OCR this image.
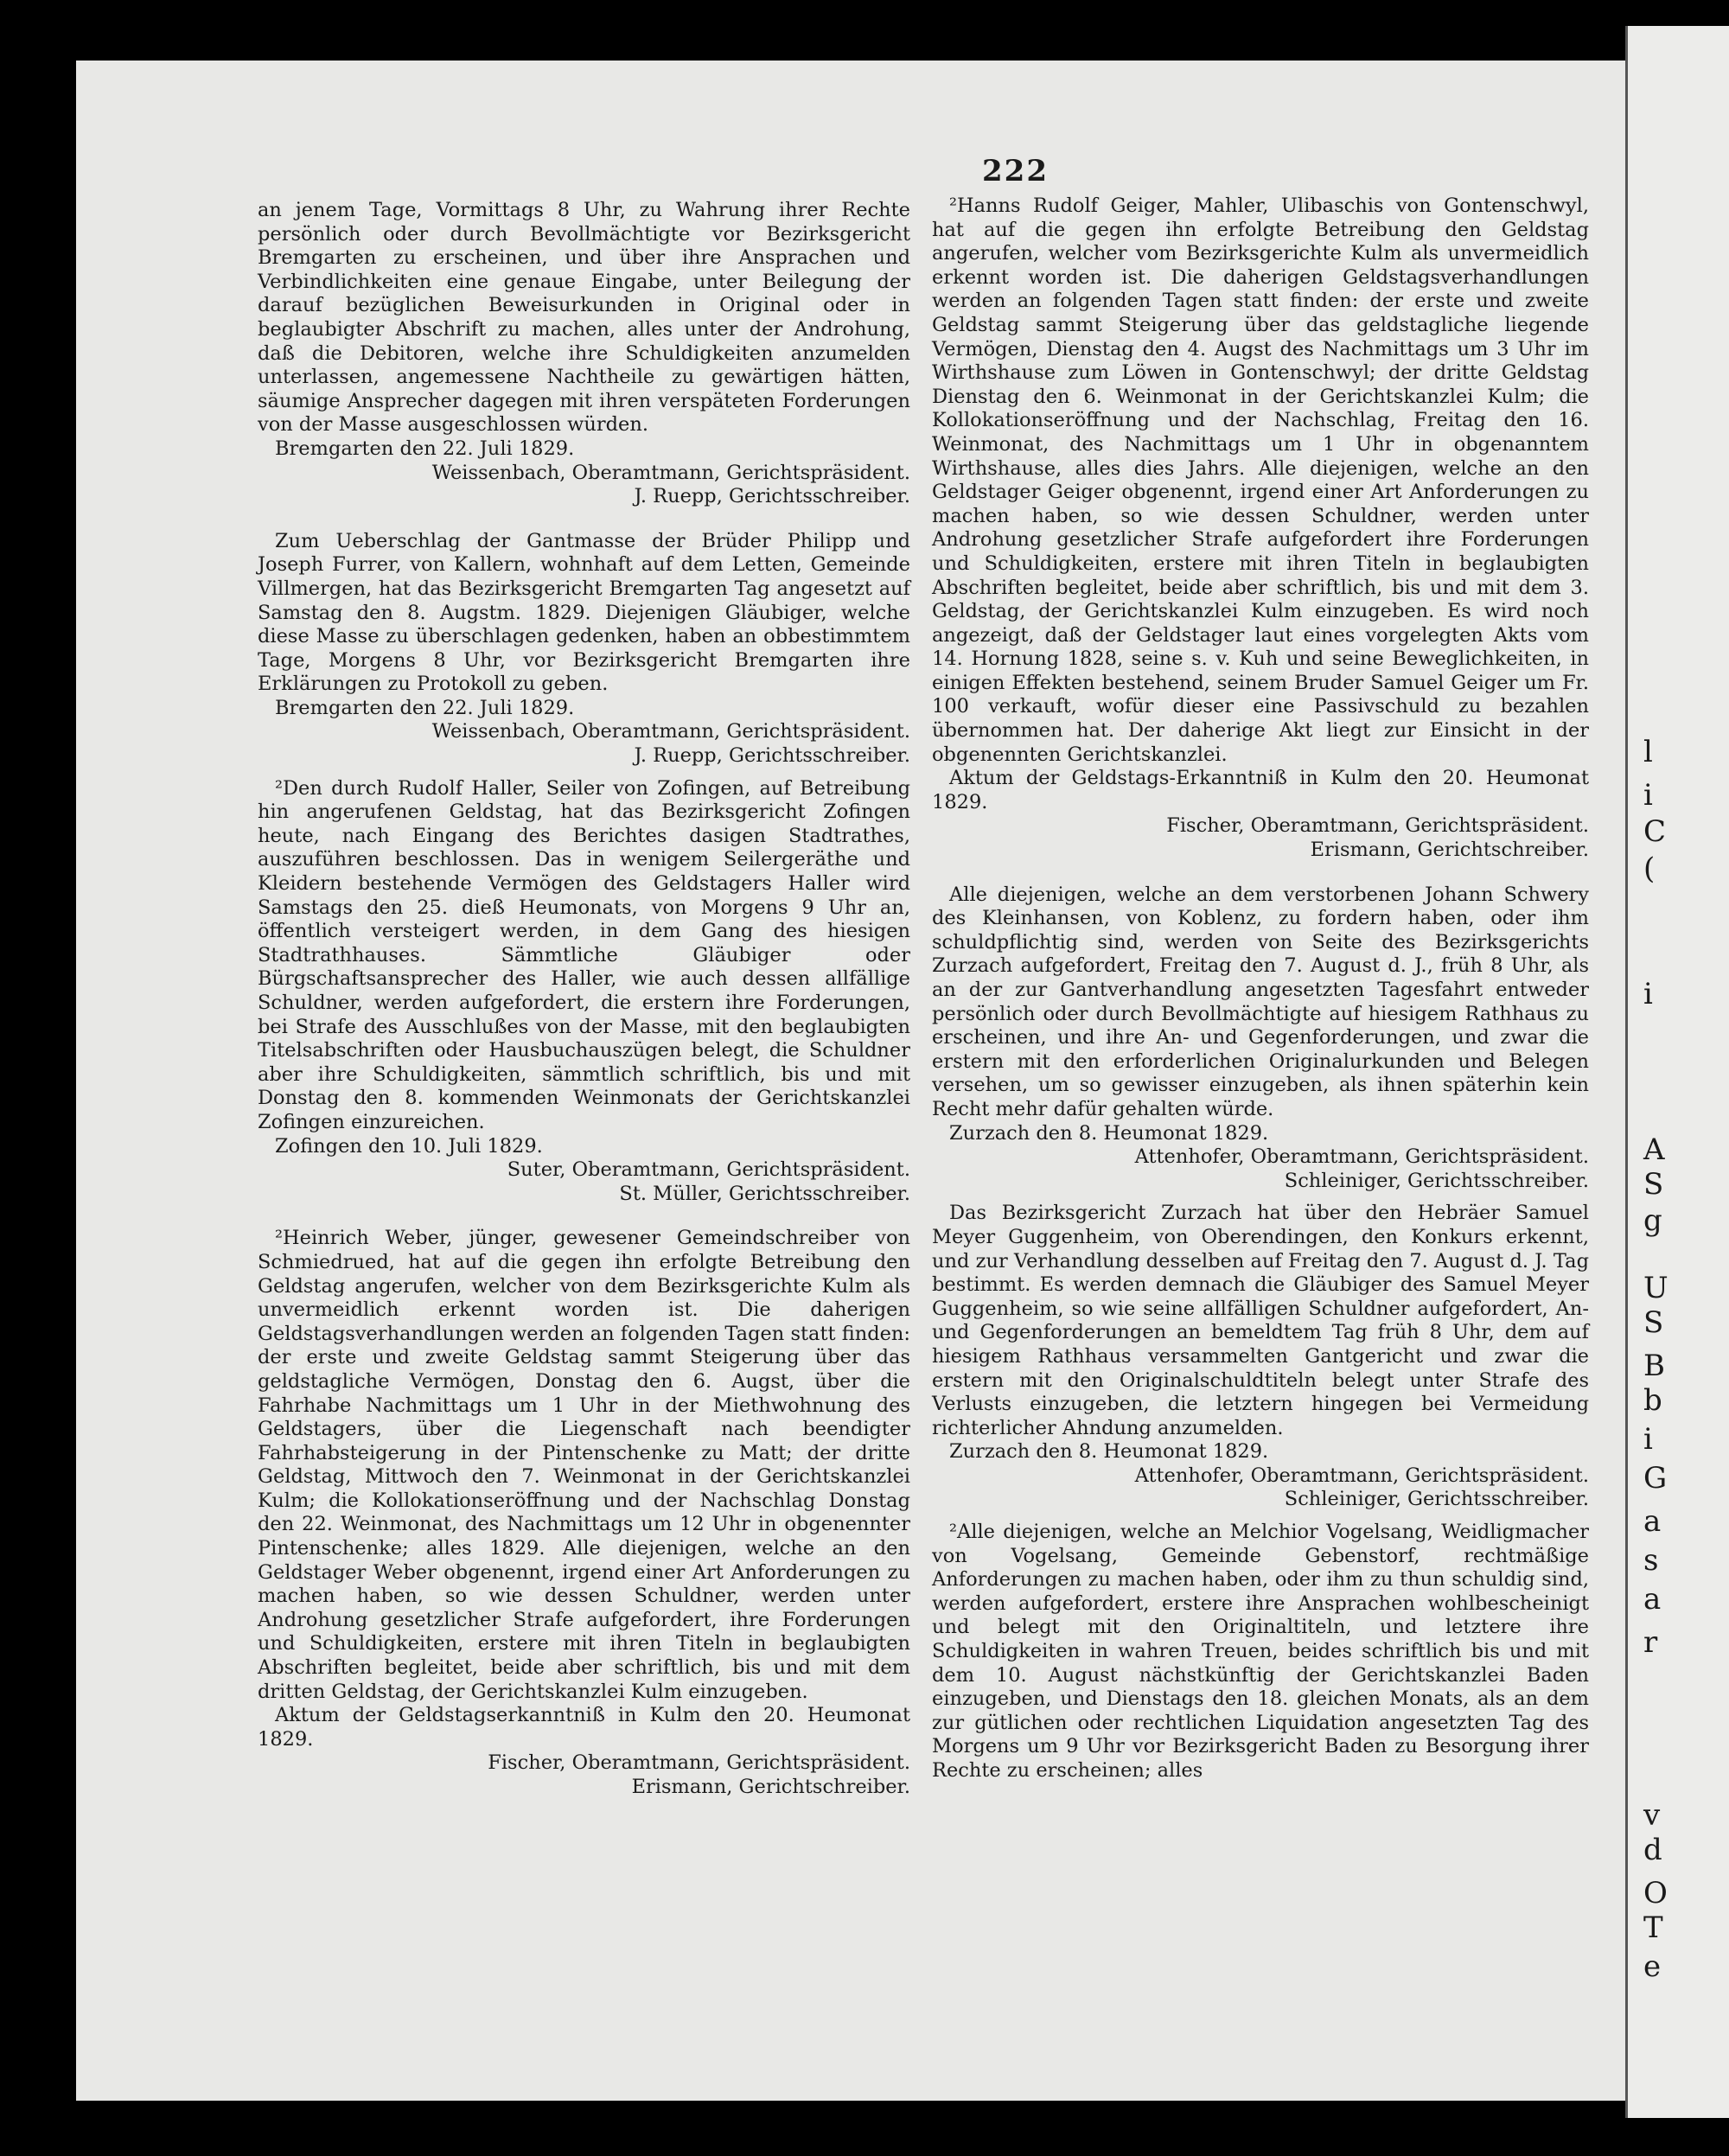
222

an jenem Tage, Vormittags 8 Uhr, zu Wahrung ihrer Rechte persönlich oder durch Bevollmächtigte vor Bezirksgericht Bremgarten zu erscheinen, und über ihre Ansprachen und Verbindlichkeiten eine genaue Eingabe, unter Beilegung der darauf bezüglichen Beweisurkunden in Original oder in beglaubigter Abschrift zu machen, alles unter der Androhung, daß die Debitoren, welche ihre Schuldigkeiten anzumelden unterlassen, angemessene Nachtheile zu gewärtigen hätten, säumige Ansprecher dagegen mit ihren verspäteten Forderungen von der Masse ausgeschlossen würden.

Bremgarten den 22. Juli 1829.

Weissenbach, Oberamtmann, Gerichtspräsident.

J. Ruepp, Gerichtsschreiber.

Zum Ueberschlag der Gantmasse der Brüder Philipp und Joseph Furrer, von Kallern, wohnhaft auf dem Letten, Gemeinde Villmergen, hat das Bezirksgericht Bremgarten Tag angesetzt auf Samstag den 8. Augstm. 1829. Diejenigen Gläubiger, welche diese Masse zu überschlagen gedenken, haben an obbestimmtem Tage, Morgens 8 Uhr, vor Bezirksgericht Bremgarten ihre Erklärungen zu Protokoll zu geben.

Bremgarten den 22. Juli 1829.

Weissenbach, Oberamtmann, Gerichtspräsident.

J. Ruepp, Gerichtsschreiber.

²Den durch Rudolf Haller, Seiler von Zofingen, auf Betreibung hin angerufenen Geldstag, hat das Bezirksgericht Zofingen heute, nach Eingang des Berichtes dasigen Stadtrathes, auszuführen beschlossen. Das in wenigem Seilergeräthe und Kleidern bestehende Vermögen des Geldstagers Haller wird Samstags den 25. dieß Heumonats, von Morgens 9 Uhr an, öffentlich versteigert werden, in dem Gang des hiesigen Stadtrathhauses. Sämmtliche Gläubiger oder Bürgschaftsansprecher des Haller, wie auch dessen allfällige Schuldner, werden aufgefordert, die erstern ihre Forderungen, bei Strafe des Ausschlußes von der Masse, mit den beglaubigten Titelsabschriften oder Hausbuchauszügen belegt, die Schuldner aber ihre Schuldigkeiten, sämmtlich schriftlich, bis und mit Donstag den 8. kommenden Weinmonats der Gerichtskanzlei Zofingen einzureichen.

Zofingen den 10. Juli 1829.

Suter, Oberamtmann, Gerichtspräsident.

St. Müller, Gerichtsschreiber.

²Heinrich Weber, jünger, gewesener Gemeindschreiber von Schmiedrued, hat auf die gegen ihn erfolgte Betreibung den Geldstag angerufen, welcher von dem Bezirksgerichte Kulm als unvermeidlich erkennt worden ist. Die daherigen Geldstagsverhandlungen werden an folgenden Tagen statt finden: der erste und zweite Geldstag sammt Steigerung über das geldstagliche Vermögen, Donstag den 6. Augst, über die Fahrhabe Nachmittags um 1 Uhr in der Miethwohnung des Geldstagers, über die Liegenschaft nach beendigter Fahrhabsteigerung in der Pintenschenke zu Matt; der dritte Geldstag, Mittwoch den 7. Weinmonat in der Gerichtskanzlei Kulm; die Kollokationseröffnung und der Nachschlag Donstag den 22. Weinmonat, des Nachmittags um 12 Uhr in obgenennter Pintenschenke; alles 1829. Alle diejenigen, welche an den Geldstager Weber obgenennt, irgend einer Art Anforderungen zu machen haben, so wie dessen Schuldner, werden unter Androhung gesetzlicher Strafe aufgefordert, ihre Forderungen und Schuldigkeiten, erstere mit ihren Titeln in beglaubigten Abschriften begleitet, beide aber schriftlich, bis und mit dem dritten Geldstag, der Gerichtskanzlei Kulm einzugeben.

Aktum der Geldstagserkanntniß in Kulm den 20. Heumonat 1829.

Fischer, Oberamtmann, Gerichtspräsident.

Erismann, Gerichtschreiber.

²Hanns Rudolf Geiger, Mahler, Ulibaschis von Gontenschwyl, hat auf die gegen ihn erfolgte Betreibung den Geldstag angerufen, welcher vom Bezirksgerichte Kulm als unvermeidlich erkennt worden ist. Die daherigen Geldstagsverhandlungen werden an folgenden Tagen statt finden: der erste und zweite Geldstag sammt Steigerung über das geldstagliche liegende Vermögen, Dienstag den 4. Augst des Nachmittags um 3 Uhr im Wirthshause zum Löwen in Gontenschwyl; der dritte Geldstag Dienstag den 6. Weinmonat in der Gerichtskanzlei Kulm; die Kollokationseröffnung und der Nachschlag, Freitag den 16. Weinmonat, des Nachmittags um 1 Uhr in obgenanntem Wirthshause, alles dies Jahrs. Alle diejenigen, welche an den Geldstager Geiger obgenennt, irgend einer Art Anforderungen zu machen haben, so wie dessen Schuldner, werden unter Androhung gesetzlicher Strafe aufgefordert ihre Forderungen und Schuldigkeiten, erstere mit ihren Titeln in beglaubigten Abschriften begleitet, beide aber schriftlich, bis und mit dem 3. Geldstag, der Gerichtskanzlei Kulm einzugeben. Es wird noch angezeigt, daß der Geldstager laut eines vorgelegten Akts vom 14. Hornung 1828, seine s. v. Kuh und seine Beweglichkeiten, in einigen Effekten bestehend, seinem Bruder Samuel Geiger um Fr. 100 verkauft, wofür dieser eine Passivschuld zu bezahlen übernommen hat. Der daherige Akt liegt zur Einsicht in der obgenennten Gerichtskanzlei.

Aktum der Geldstags-Erkanntniß in Kulm den 20. Heumonat 1829.

Fischer, Oberamtmann, Gerichtspräsident.

Erismann, Gerichtschreiber.

Alle diejenigen, welche an dem verstorbenen Johann Schwery des Kleinhansen, von Koblenz, zu fordern haben, oder ihm schuldpflichtig sind, werden von Seite des Bezirksgerichts Zurzach aufgefordert, Freitag den 7. August d. J., früh 8 Uhr, als an der zur Gantverhandlung angesetzten Tagesfahrt entweder persönlich oder durch Bevollmächtigte auf hiesigem Rathhaus zu erscheinen, und ihre An- und Gegenforderungen, und zwar die erstern mit den erforderlichen Originalurkunden und Belegen versehen, um so gewisser einzugeben, als ihnen späterhin kein Recht mehr dafür gehalten würde.

Zurzach den 8. Heumonat 1829.

Attenhofer, Oberamtmann, Gerichtspräsident.

Schleiniger, Gerichtsschreiber.

Das Bezirksgericht Zurzach hat über den Hebräer Samuel Meyer Guggenheim, von Oberendingen, den Konkurs erkennt, und zur Verhandlung desselben auf Freitag den 7. August d. J. Tag bestimmt. Es werden demnach die Gläubiger des Samuel Meyer Guggenheim, so wie seine allfälligen Schuldner aufgefordert, An- und Gegenforderungen an bemeldtem Tag früh 8 Uhr, dem auf hiesigem Rathhaus versammelten Gantgericht und zwar die erstern mit den Originalschuldtiteln belegt unter Strafe des Verlusts einzugeben, die letztern hingegen bei Vermeidung richterlicher Ahndung anzumelden.

Zurzach den 8. Heumonat 1829.

Attenhofer, Oberamtmann, Gerichtspräsident.

Schleiniger, Gerichtsschreiber.

²Alle diejenigen, welche an Melchior Vogelsang, Weidligmacher von Vogelsang, Gemeinde Gebenstorf, rechtmäßige Anforderungen zu machen haben, oder ihm zu thun schuldig sind, werden aufgefordert, erstere ihre Ansprachen wohlbescheinigt und belegt mit den Originaltiteln, und letztere ihre Schuldigkeiten in wahren Treuen, beides schriftlich bis und mit dem 10. August nächstkünftig der Gerichtskanzlei Baden einzugeben, und Dienstags den 18. gleichen Monats, als an dem zur gütlichen oder rechtlichen Liquidation angesetzten Tag des Morgens um 9 Uhr vor Bezirksgericht Baden zu Besorgung ihrer Rechte zu erscheinen; alles

l
i
C
(
i
A
S
g
U
S
B
b
i
G
a
s
a
r
v
d
O
T
e
